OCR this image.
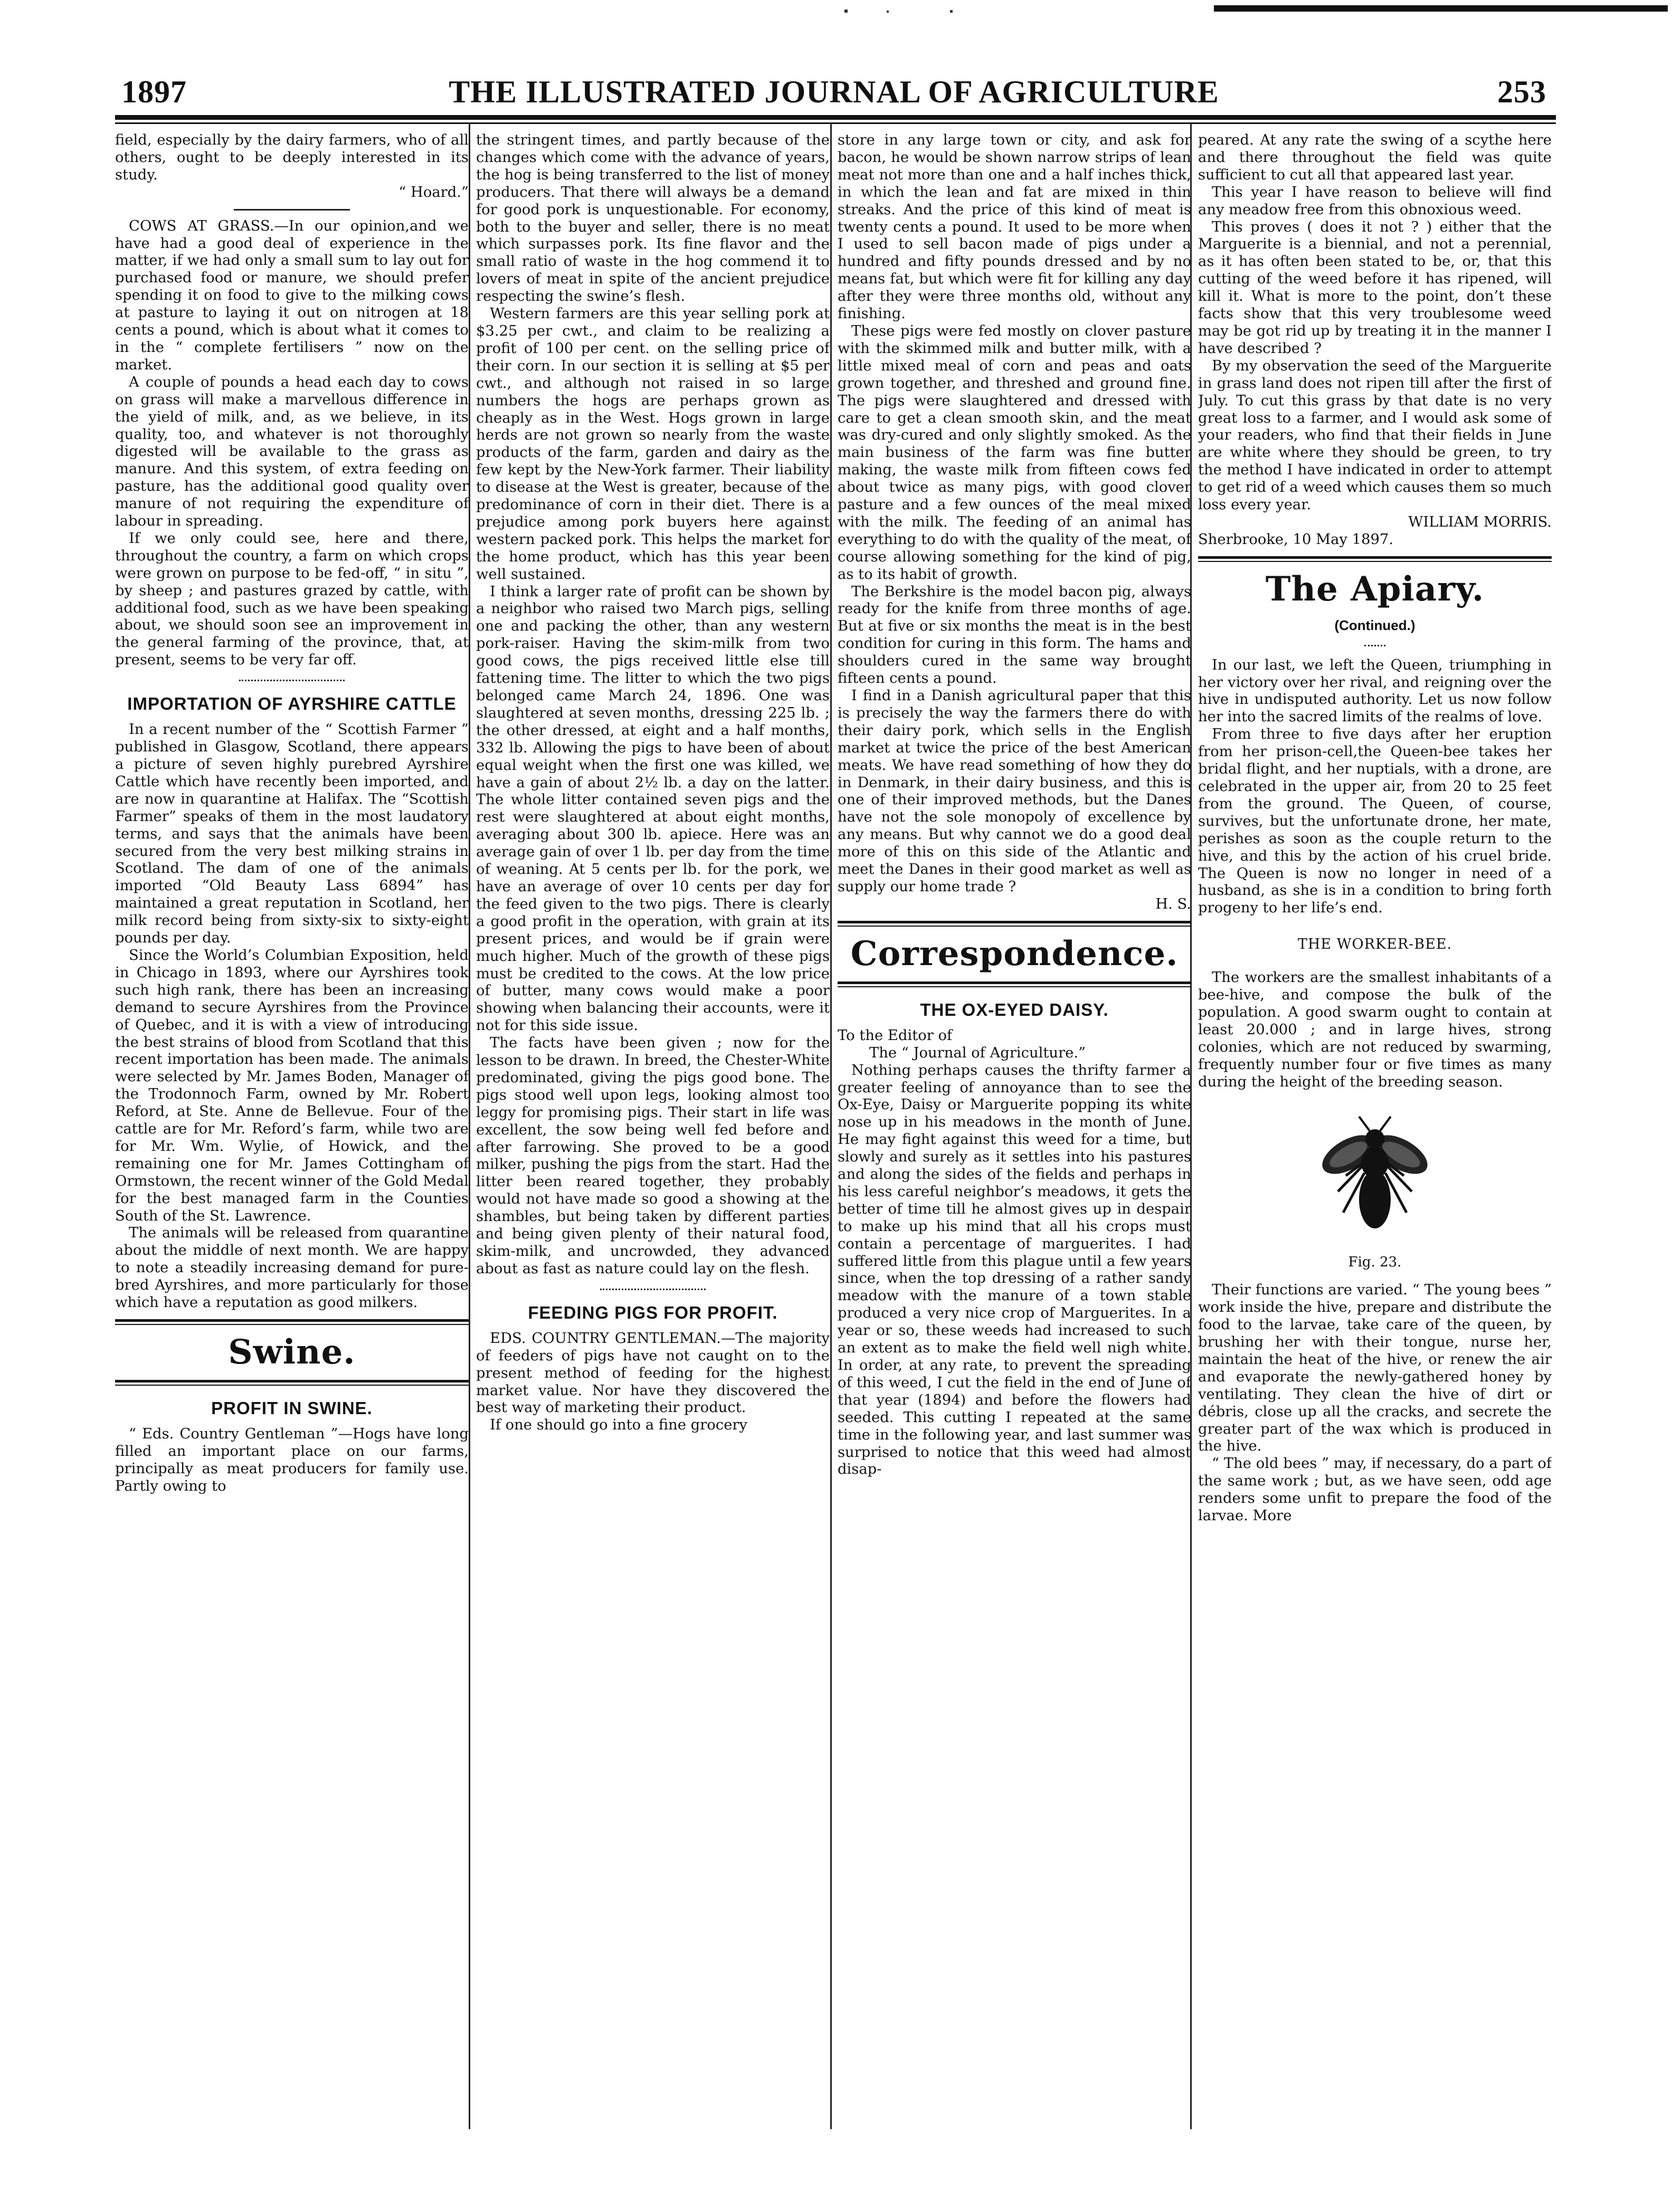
THE ILLUSTRATED JOURNAL OF AGRICULTURE
1897	253

field, especially by the dairy farmers, who of all others, ought to be deeply interested in its study.

“ Hoard.”

COWS AT GRASS.—In our opinion,and we have had a good deal of experience in the matter, if we had only a small sum to lay out for purchased food or manure, we should prefer spending it on food to give to the milking cows at pasture to laying it out on nitrogen at 18 cents a pound, which is about what it comes to in the “ complete fertilisers ” now on the market.

A couple of pounds a head each day to cows on grass will make a marvellous difference in the yield of milk, and, as we believe, in its quality, too, and whatever is not thoroughly digested will be available to the grass as manure. And this system, of extra feeding on pasture, has the additional good quality over manure of not requiring the expenditure of labour in spreading.

If we only could see, here and there, throughout the country, a farm on which crops were grown on purpose to be fed-off, “ in situ ”, by sheep ; and pastures grazed by cattle, with additional food, such as we have been speaking about, we should soon see an improvement in the general farming of the province, that, at present, seems to be very far off.

IMPORTATION OF AYRSHIRE CATTLE

In a recent number of the “ Scottish Farmer ” published in Glasgow, Scotland, there appears a picture of seven highly purebred Ayrshire Cattle which have recently been imported, and are now in quarantine at Halifax. The “Scottish Farmer” speaks of them in the most laudatory terms, and says that the animals have been secured from the very best milking strains in Scotland. The dam of one of the animals imported “Old Beauty Lass 6894” has maintained a great reputation in Scotland, her milk record being from sixty-six to sixty-eight pounds per day.

Since the World’s Columbian Exposition, held in Chicago in 1893, where our Ayrshires took such high rank, there has been an increasing demand to secure Ayrshires from the Province of Quebec, and it is with a view of introducing the best strains of blood from Scotland that this recent importation has been made. The animals were selected by Mr. James Boden, Manager of the Trodonnoch Farm, owned by Mr. Robert Reford, at Ste. Anne de Bellevue. Four of the cattle are for Mr. Reford’s farm, while two are for Mr. Wm. Wylie, of Howick, and the remaining one for Mr. James Cottingham of Ormstown, the recent winner of the Gold Medal for the best managed farm in the Counties South of the St. Lawrence.

The animals will be released from quarantine about the middle of next month. We are happy to note a steadily increasing demand for pure-bred Ayrshires, and more particularly for those which have a reputation as good milkers.

Swine.
PROFIT IN SWINE.

“ Eds. Country Gentleman ”—Hogs have long filled an important place on our farms, principally as meat producers for family use. Partly owing to

the stringent times, and partly because of the changes which come with the advance of years, the hog is being transferred to the list of money producers. That there will always be a demand for good pork is unquestionable. For economy, both to the buyer and seller, there is no meat which surpasses pork. Its fine flavor and the small ratio of waste in the hog commend it to lovers of meat in spite of the ancient prejudice respecting the swine’s flesh.

Western farmers are this year selling pork at $3.25 per cwt., and claim to be realizing a profit of 100 per cent. on the selling price of their corn. In our section it is selling at $5 per cwt., and although not raised in so large numbers the hogs are perhaps grown as cheaply as in the West. Hogs grown in large herds are not grown so nearly from the waste products of the farm, garden and dairy as the few kept by the New-York farmer. Their liability to disease at the West is greater, because of the predominance of corn in their diet. There is a prejudice among pork buyers here against western packed pork. This helps the market for the home product, which has this year been well sustained.

I think a larger rate of profit can be shown by a neighbor who raised two March pigs, selling one and packing the other, than any western pork-raiser. Having the skim-milk from two good cows, the pigs received little else till fattening time. The litter to which the two pigs belonged came March 24, 1896. One was slaughtered at seven months, dressing 225 lb. ; the other dressed, at eight and a half months, 332 lb. Allowing the pigs to have been of about equal weight when the first one was killed, we have a gain of about 2½ lb. a day on the latter. The whole litter contained seven pigs and the rest were slaughtered at about eight months, averaging about 300 lb. apiece. Here was an average gain of over 1 lb. per day from the time of weaning. At 5 cents per lb. for the pork, we have an average of over 10 cents per day for the feed given to the two pigs. There is clearly a good profit in the operation, with grain at its present prices, and would be if grain were much higher. Much of the growth of these pigs must be credited to the cows. At the low price of butter, many cows would make a poor showing when balancing their accounts, were it not for this side issue.

The facts have been given ; now for the lesson to be drawn. In breed, the Chester-White predominated, giving the pigs good bone. The pigs stood well upon legs, looking almost too leggy for promising pigs. Their start in life was excellent, the sow being well fed before and after farrowing. She proved to be a good milker, pushing the pigs from the start. Had the litter been reared together, they probably would not have made so good a showing at the shambles, but being taken by different parties and being given plenty of their natural food, skim-milk, and uncrowded, they advanced about as fast as nature could lay on the flesh.

FEEDING PIGS FOR PROFIT.

EDS. COUNTRY GENTLEMAN.—The majority of feeders of pigs have not caught on to the present method of feeding for the highest market value. Nor have they discovered the best way of marketing their product.

If one should go into a fine grocery

store in any large town or city, and ask for bacon, he would be shown narrow strips of lean meat not more than one and a half inches thick, in which the lean and fat are mixed in thin streaks. And the price of this kind of meat is twenty cents a pound. It used to be more when I used to sell bacon made of pigs under a hundred and fifty pounds dressed and by no means fat, but which were fit for killing any day after they were three months old, without any finishing.

These pigs were fed mostly on clover pasture with the skimmed milk and butter milk, with a little mixed meal of corn and peas and oats grown together, and threshed and ground fine. The pigs were slaughtered and dressed with care to get a clean smooth skin, and the meat was dry-cured and only slightly smoked. As the main business of the farm was fine butter making, the waste milk from fifteen cows fed about twice as many pigs, with good clover pasture and a few ounces of the meal mixed with the milk. The feeding of an animal has everything to do with the quality of the meat, of course allowing something for the kind of pig, as to its habit of growth.

The Berkshire is the model bacon pig, always ready for the knife from three months of age. But at five or six months the meat is in the best condition for curing in this form. The hams and shoulders cured in the same way brought fifteen cents a pound.

I find in a Danish agricultural paper that this is precisely the way the farmers there do with their dairy pork, which sells in the English market at twice the price of the best American meats. We have read something of how they do in Denmark, in their dairy business, and this is one of their improved methods, but the Danes have not the sole monopoly of excellence by any means. But why cannot we do a good deal more of this on this side of the Atlantic and meet the Danes in their good market as well as supply our home trade ?

H. S.

Correspondence.
THE OX-EYED DAISY.

To the Editor of

The “ Journal of Agriculture.”

Nothing perhaps causes the thrifty farmer a greater feeling of annoyance than to see the Ox-Eye, Daisy or Marguerite popping its white nose up in his meadows in the month of June. He may fight against this weed for a time, but slowly and surely as it settles into his pastures and along the sides of the fields and perhaps in his less careful neighbor’s meadows, it gets the better of time till he almost gives up in despair to make up his mind that all his crops must contain a percentage of marguerites. I had suffered little from this plague until a few years since, when the top dressing of a rather sandy meadow with the manure of a town stable produced a very nice crop of Marguerites. In a year or so, these weeds had increased to such an extent as to make the field well nigh white. In order, at any rate, to prevent the spreading of this weed, I cut the field in the end of June of that year (1894) and before the flowers had seeded. This cutting I repeated at the same time in the following year, and last summer was surprised to notice that this weed had almost disap-

peared. At any rate the swing of a scythe here and there throughout the field was quite sufficient to cut all that appeared last year.

This year I have reason to believe will find any meadow free from this obnoxious weed.

This proves ( does it not ? ) either that the Marguerite is a biennial, and not a perennial, as it has often been stated to be, or, that this cutting of the weed before it has ripened, will kill it. What is more to the point, don’t these facts show that this very troublesome weed may be got rid up by treating it in the manner I have described ?

By my observation the seed of the Marguerite in grass land does not ripen till after the first of July. To cut this grass by that date is no very great loss to a farmer, and I would ask some of your readers, who find that their fields in June are white where they should be green, to try the method I have indicated in order to attempt to get rid of a weed which causes them so much loss every year.

WILLIAM MORRIS.

Sherbrooke, 10 May 1897.

The Apiary.
(Continued.)

In our last, we left the Queen, triumphing in her victory over her rival, and reigning over the hive in undisputed authority. Let us now follow her into the sacred limits of the realms of love.

From three to five days after her eruption from her prison-cell,the Queen-bee takes her bridal flight, and her nuptials, with a drone, are celebrated in the upper air, from 20 to 25 feet from the ground. The Queen, of course, survives, but the unfortunate drone, her mate, perishes as soon as the couple return to the hive, and this by the action of his cruel bride. The Queen is now no longer in need of a husband, as she is in a condition to bring forth progeny to her life’s end.

THE WORKER-BEE.

The workers are the smallest inhabitants of a bee-hive, and compose the bulk of the population. A good swarm ought to contain at least 20.000 ; and in large hives, strong colonies, which are not reduced by swarming, frequently number four or five times as many during the height of the breeding season.

Fig. 23.

Their functions are varied. “ The young bees ” work inside the hive, prepare and distribute the food to the larvae, take care of the queen, by brushing her with their tongue, nurse her, maintain the heat of the hive, or renew the air and evaporate the newly-gathered honey by ventilating. They clean the hive of dirt or débris, close up all the cracks, and secrete the greater part of the wax which is produced in the hive.

“ The old bees ” may, if necessary, do a part of the same work ; but, as we have seen, odd age renders some unfit to prepare the food of the larvae. More
